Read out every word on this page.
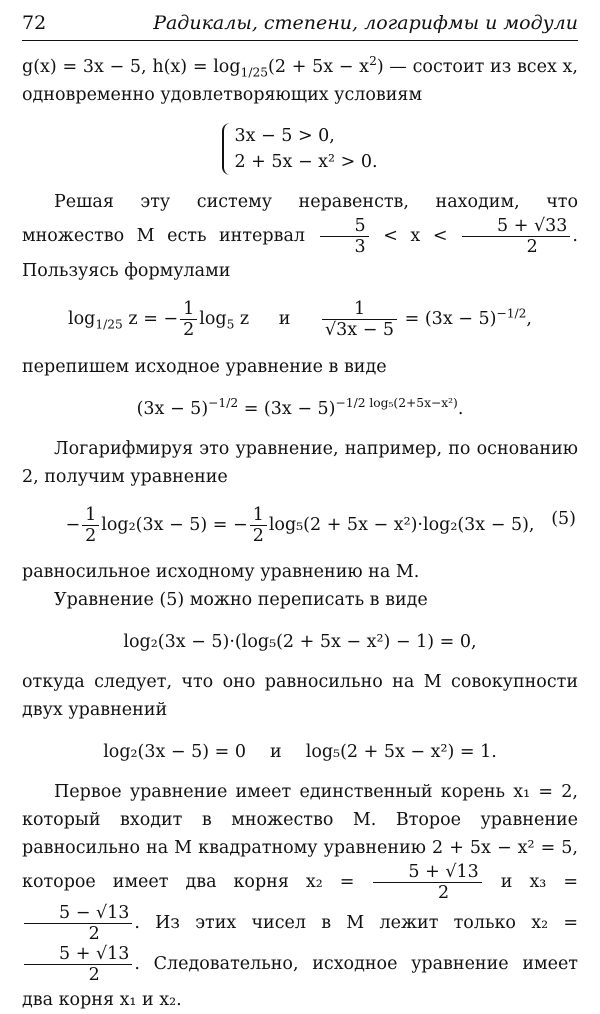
72	Радикалы, степени, логарифмы и модули

g(x) = 3x − 5, $h(x) = \log_{1/25}(2 + 5x - x^2)$ — состоит из всех x, одновременно удовлетворяющих условиям

3x − 5 > 0,
2 + 5x − x² > 0.

Решая эту систему неравенств, находим, что множество M есть интервал $\frac{5}{3} < x < \frac{5 + √33}{2}$ . Пользуясь формулами

$\log_{1/25} z$ = − $\frac{1}{2} \log_5 z$ и $\frac{1}{√3x - 5} = (3x - 5)^{-1/2}$,

перепишем исходное уравнение в виде

$(3x - 5)^{-1/2} = (3x - 5)^{-1/2 log_5(2+5x-x^2)}$.

Логарифмируя это уравнение, например, по основанию 2, получим уравнение

− $\frac{1}{2} \log_2(3x - 5)$ = − $\frac{1}{2} \log_5(2 + 5x - x^2)\cdot\log_2(3x - 5)$, (5)

равносильное исходному уравнению на M.

Уравнение (5) можно переписать в виде

log₂(3x − 5)·(log₅(2 + 5x − x²) − 1) = 0,

откуда следует, что оно равносильно на M совокупности двух уравнений

log₂(3x − 5) = 0 и log₅(2 + 5x − x²) = 1.

Первое уравнение имеет единственный корень x₁ = 2, который входит в множество M. Второе уравнение равносильно на M квадратному уравнению 2 + 5x − x² = 5, которое имеет два корня $x_2 = \frac{5 + √13}{2}$ и x₃ =
$\frac{5 - √13}{2}$ . Из этих чисел в M лежит только x₂ =
$\frac{5 + √13}{2}$ . Следовательно, исходное уравнение имеет два корня x₁ и x₂.
